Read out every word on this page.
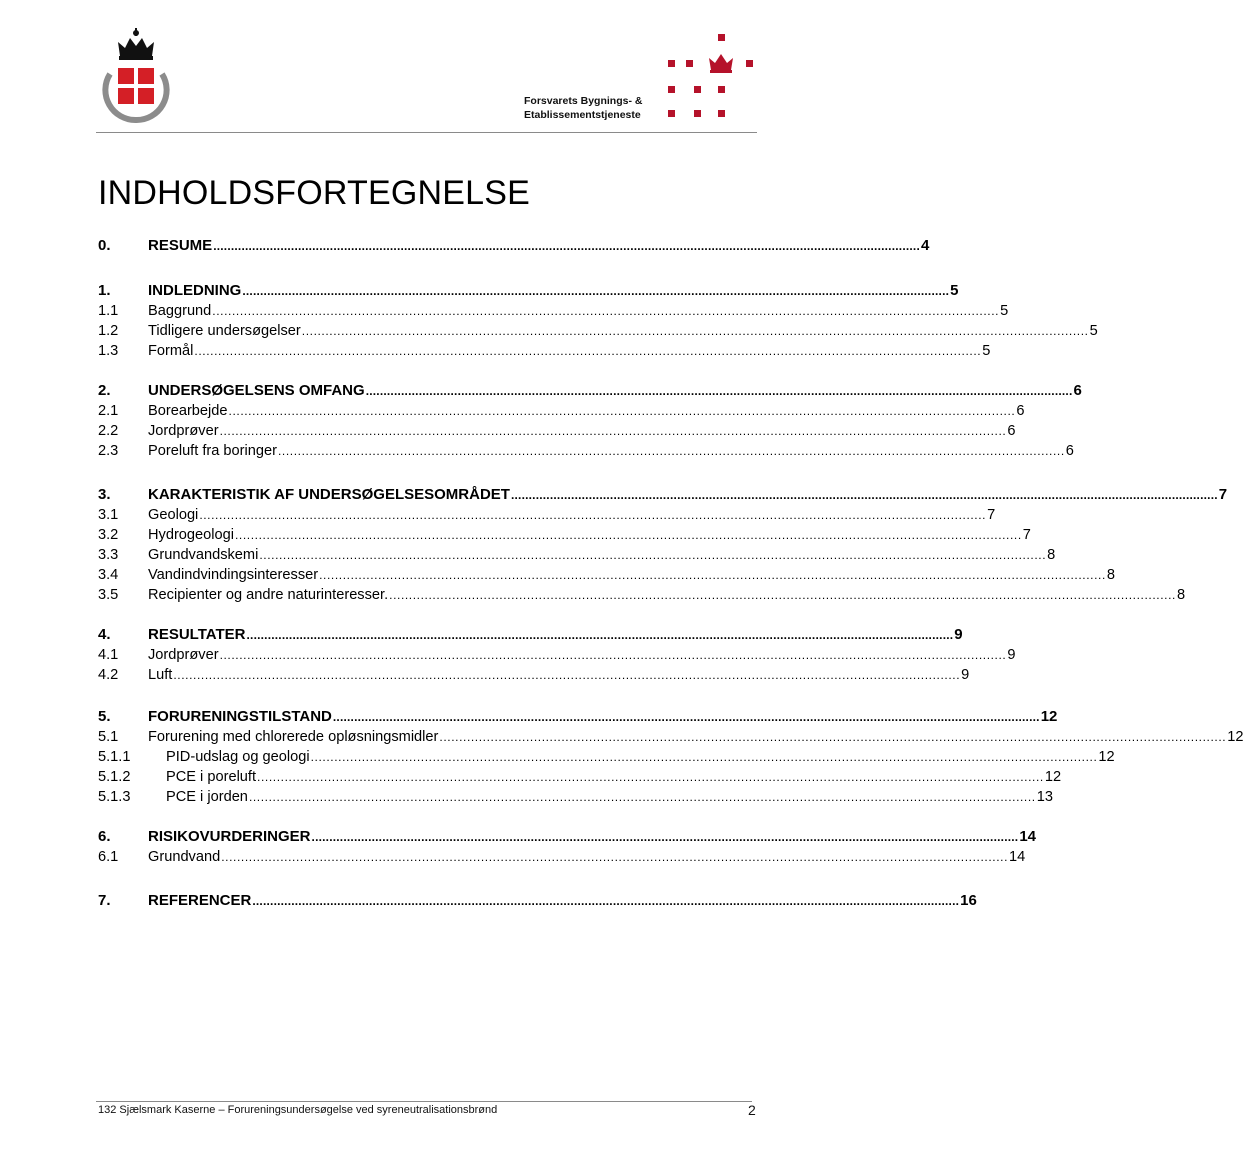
Forsvarets Bygnings- &
Etablissementstjeneste
INDHOLDSFORTEGNELSE
0.	RESUME ........................................................................................................................................................................................................ 4
1.	INDLEDNING ........................................................................................................................................................................................................ 5
1.1	Baggrund ........................................................................................................................................................................................................ 5
1.2	Tidligere undersøgelser ........................................................................................................................................................................................................ 5
1.3	Formål ........................................................................................................................................................................................................ 5
2.	UNDERSØGELSENS OMFANG ........................................................................................................................................................................................................ 6
2.1	Borearbejde ........................................................................................................................................................................................................ 6
2.2	Jordprøver ........................................................................................................................................................................................................ 6
2.3	Poreluft fra boringer ........................................................................................................................................................................................................ 6
3.	KARAKTERISTIK AF UNDERSØGELSESOMRÅDET ........................................................................................................................................................................................................ 7
3.1	Geologi ........................................................................................................................................................................................................ 7
3.2	Hydrogeologi ........................................................................................................................................................................................................ 7
3.3	Grundvandskemi ........................................................................................................................................................................................................ 8
3.4	Vandindvindingsinteresser ........................................................................................................................................................................................................ 8
3.5	Recipienter og andre naturinteresser. ........................................................................................................................................................................................................ 8
4.	RESULTATER ........................................................................................................................................................................................................ 9
4.1	Jordprøver ........................................................................................................................................................................................................ 9
4.2	Luft ........................................................................................................................................................................................................ 9
5.	FORURENINGSTILSTAND ........................................................................................................................................................................................................ 12
5.1	Forurening med chlorerede opløsningsmidler ........................................................................................................................................................................................................ 12
5.1.1	PID-udslag og geologi ........................................................................................................................................................................................................ 12
5.1.2	PCE i poreluft ........................................................................................................................................................................................................ 12
5.1.3	PCE i jorden ........................................................................................................................................................................................................ 13
6.	RISIKOVURDERINGER ........................................................................................................................................................................................................ 14
6.1	Grundvand ........................................................................................................................................................................................................ 14
7.	REFERENCER ........................................................................................................................................................................................................ 16
132 Sjælsmark Kaserne – Forureningsundersøgelse ved syreneutralisationsbrønd	2
